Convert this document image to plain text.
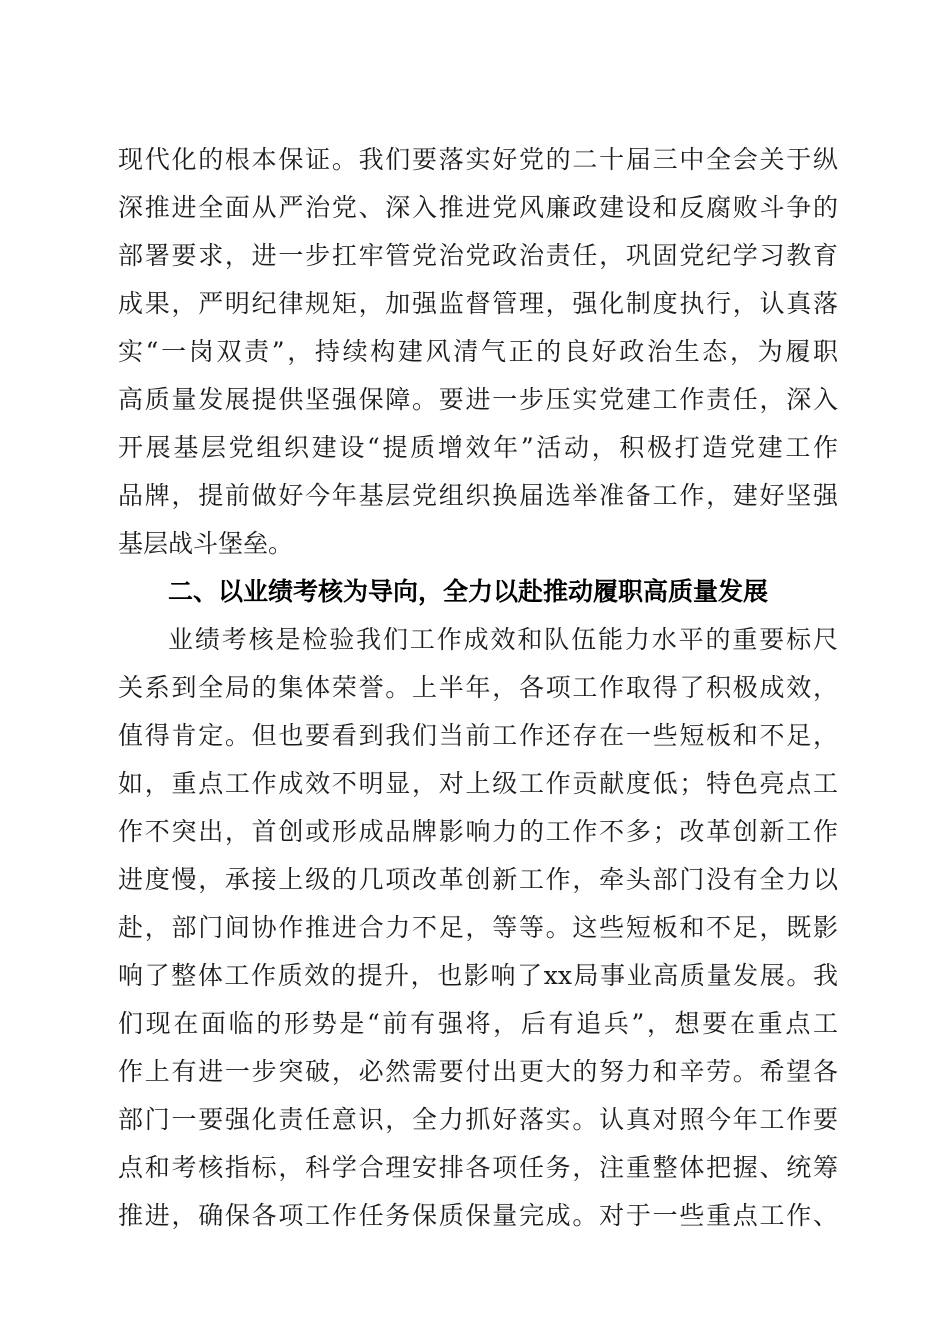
现代化的根本保证。我们要落实好党的二十届三中全会关于纵
深推进全面从严治党、深入推进党风廉政建设和反腐败斗争的
部署要求，进一步扛牢管党治党政治责任，巩固党纪学习教育
成果，严明纪律规矩，加强监督管理，强化制度执行，认真落
实“一岗双责”，持续构建风清气正的良好政治生态，为履职
高质量发展提供坚强保障。要进一步压实党建工作责任，深入
开展基层党组织建设“提质增效年”活动，积极打造党建工作
品牌，提前做好今年基层党组织换届选举准备工作，建好坚强
基层战斗堡垒。
二、以业绩考核为导向，全力以赴推动履职高质量发展
业绩考核是检验我们工作成效和队伍能力水平的重要标尺
关系到全局的集体荣誉。上半年，各项工作取得了积极成效，
值得肯定。但也要看到我们当前工作还存在一些短板和不足，
如，重点工作成效不明显，对上级工作贡献度低；特色亮点工
作不突出，首创或形成品牌影响力的工作不多；改革创新工作
进度慢，承接上级的几项改革创新工作，牵头部门没有全力以
赴，部门间协作推进合力不足，等等。这些短板和不足，既影
响了整体工作质效的提升，也影响了xx局事业高质量发展。我
们现在面临的形势是“前有强将，后有追兵”，想要在重点工
作上有进一步突破，必然需要付出更大的努力和辛劳。希望各
部门一要强化责任意识，全力抓好落实。认真对照今年工作要
点和考核指标，科学合理安排各项任务，注重整体把握、统筹
推进，确保各项工作任务保质保量完成。对于一些重点工作、
